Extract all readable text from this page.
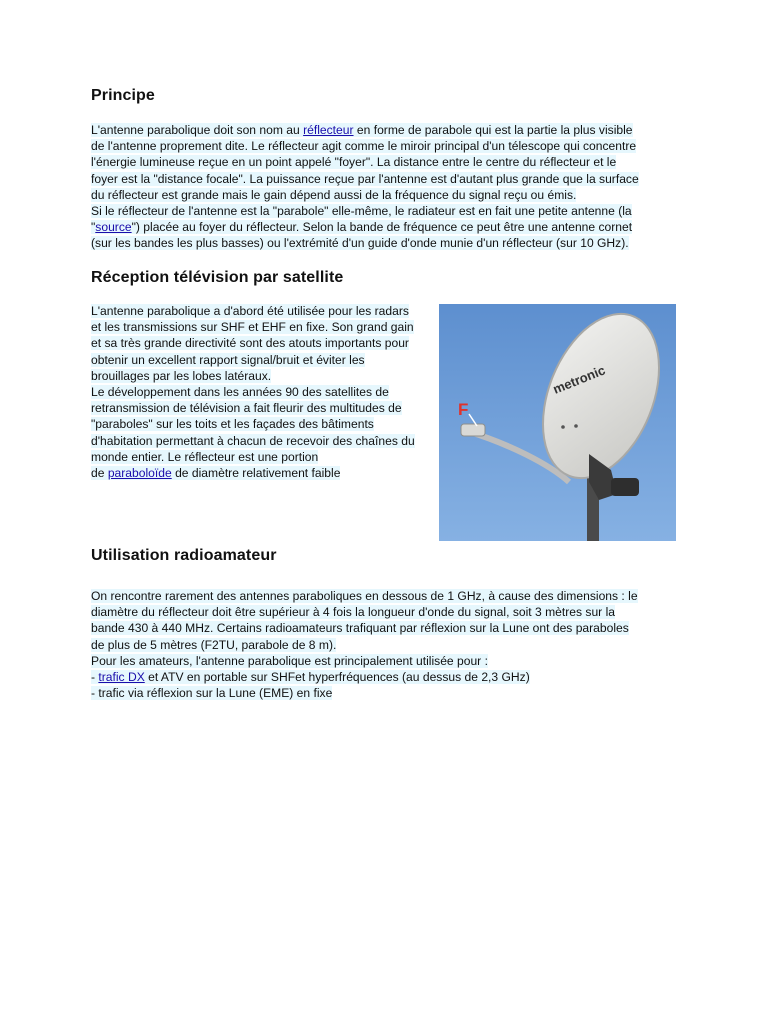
Principe
L'antenne parabolique doit son nom au réflecteur en forme de parabole qui est la partie la plus visible
de l'antenne proprement dite. Le réflecteur agit comme le miroir principal d'un télescope qui concentre
l'énergie lumineuse reçue en un point appelé "foyer". La distance entre le centre du réflecteur et le
foyer est la "distance focale". La puissance reçue par l'antenne est d'autant plus grande que la surface
du réflecteur est grande mais le gain dépend aussi de la fréquence du signal reçu ou émis.
Si le réflecteur de l'antenne est la "parabole" elle-même, le radiateur est en fait une petite antenne (la
"source") placée au foyer du réflecteur. Selon la bande de fréquence ce peut être une antenne cornet
(sur les bandes les plus basses) ou l'extrémité d'un guide d'onde munie d'un réflecteur (sur 10 GHz).
Réception télévision par satellite
L'antenne parabolique a d'abord été utilisée pour les radars
et les transmissions sur SHF et EHF en fixe. Son grand gain
et sa très grande directivité sont des atouts importants pour
obtenir un excellent rapport signal/bruit et éviter les
brouillages par les lobes latéraux.
Le développement dans les années 90 des satellites de
retransmission de télévision a fait fleurir des multitudes de
"paraboles" sur les toits et les façades des bâtiments
d'habitation permettant à chacun de recevoir des chaînes du
monde entier. Le réflecteur est une portion
de paraboloïde de diamètre relativement faible
metronic
F
Utilisation radioamateur
On rencontre rarement des antennes paraboliques en dessous de 1 GHz, à cause des dimensions : le
diamètre du réflecteur doit être supérieur à 4 fois la longueur d'onde du signal, soit 3 mètres sur la
bande 430 à 440 MHz. Certains radioamateurs trafiquant par réflexion sur la Lune ont des paraboles
de plus de 5 mètres (F2TU, parabole de 8 m).
Pour les amateurs, l'antenne parabolique est principalement utilisée pour :
- trafic DX et ATV en portable sur SHFet hyperfréquences (au dessus de 2,3 GHz)
- trafic via réflexion sur la Lune (EME) en fixe
